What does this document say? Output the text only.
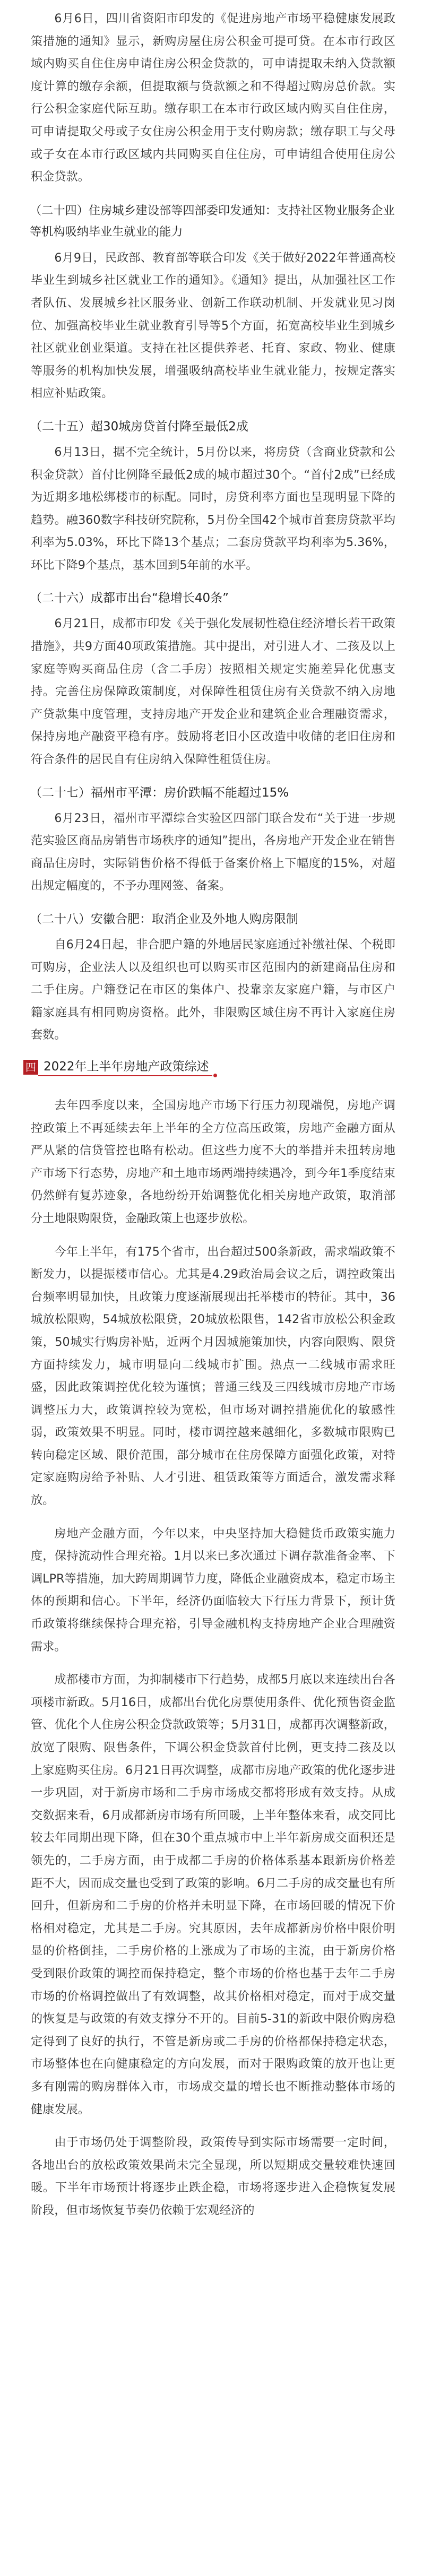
6月6日，四川省资阳市印发的《促进房地产市场平稳健康发展政策措施的通知》显示，新购房屋住房公积金可提可贷。在本市行政区域内购买自住住房申请住房公积金贷款的，可申请提取未纳入贷款额度计算的缴存余额，但提取额与贷款额之和不得超过购房总价款。实行公积金家庭代际互助。缴存职工在本市行政区域内购买自住住房，可申请提取父母或子女住房公积金用于支付购房款；缴存职工与父母或子女在本市行政区域内共同购买自住住房，可申请组合使用住房公积金贷款。

（二十四）住房城乡建设部等四部委印发通知：支持社区物业服务企业等机构吸纳毕业生就业的能力

6月9日，民政部、教育部等联合印发《关于做好2022年普通高校毕业生到城乡社区就业工作的通知》。《通知》提出，从加强社区工作者队伍、发展城乡社区服务业、创新工作联动机制、开发就业见习岗位、加强高校毕业生就业教育引导等5个方面，拓宽高校毕业生到城乡社区就业创业渠道。支持在社区提供养老、托育、家政、物业、健康等服务的机构加快发展，增强吸纳高校毕业生就业能力，按规定落实相应补贴政策。

（二十五）超30城房贷首付降至最低2成

6月13日，据不完全统计，5月份以来，将房贷（含商业贷款和公积金贷款）首付比例降至最低2成的城市超过30个。“首付2成”已经成为近期多地松绑楼市的标配。同时，房贷利率方面也呈现明显下降的趋势。融360数字科技研究院称，5月份全国42个城市首套房贷款平均利率为5.03%，环比下降13个基点；二套房贷款平均利率为5.36%，环比下降9个基点，基本回到5年前的水平。

（二十六）成都市出台“稳增长40条”

6月21日，成都市印发《关于强化发展韧性稳住经济增长若干政策措施》，共9方面40项政策措施。其中提出，对引进人才、二孩及以上家庭等购买商品住房（含二手房）按照相关规定实施差异化优惠支持。完善住房保障政策制度，对保障性租赁住房有关贷款不纳入房地产贷款集中度管理，支持房地产开发企业和建筑企业合理融资需求，保持房地产融资平稳有序。鼓励将老旧小区改造中收储的老旧住房和符合条件的居民自有住房纳入保障性租赁住房。

（二十七）福州市平潭：房价跌幅不能超过15%

6月23日，福州市平潭综合实验区四部门联合发布“关于进一步规范实验区商品房销售市场秩序的通知”提出，各房地产开发企业在销售商品住房时，实际销售价格不得低于备案价格上下幅度的15%，对超出规定幅度的，不予办理网签、备案。

（二十八）安徽合肥：取消企业及外地人购房限制

自6月24日起，非合肥户籍的外地居民家庭通过补缴社保、个税即可购房，企业法人以及组织也可以购买市区范围内的新建商品住房和二手住房。户籍登记在市区的集体户、投靠亲友家庭户籍，与市区户籍家庭具有相同购房资格。此外，非限购区域住房不再计入家庭住房套数。

四 2022年上半年房地产政策综述

去年四季度以来，全国房地产市场下行压力初现端倪，房地产调控政策上不再延续去年上半年的全方位高压政策，房地产金融方面从严从紧的信贷管控也略有松动。但这些力度不大的举措并未扭转房地产市场下行态势，房地产和土地市场两端持续遇冷，到今年1季度结束仍然鲜有复苏迹象，各地纷纷开始调整优化相关房地产政策，取消部分土地限购限贷，金融政策上也逐步放松。

今年上半年，有175个省市，出台超过500条新政，需求端政策不断发力，以提振楼市信心。尤其是4.29政治局会议之后，调控政策出台频率明显加快，且政策力度逐渐展现出托举楼市的特征。其中，36城放松限购，54城放松限贷，20城放松限售，142省市放松公积金政策，50城实行购房补贴，近两个月因城施策加快，内容向限购、限贷方面持续发力，城市明显向二线城市扩围。热点一二线城市需求旺盛，因此政策调控优化较为谨慎；普通三线及三四线城市房地产市场调整压力大，政策调控较为宽松，但市场对调控措施优化的敏感性弱，政策效果不明显。同时，楼市调控越来越细化，多数城市限购已转向稳定区域、限价范围，部分城市在住房保障方面强化政策，对特定家庭购房给予补贴、人才引进、租赁政策等方面适合，激发需求释放。

房地产金融方面，今年以来，中央坚持加大稳健货币政策实施力度，保持流动性合理充裕。1月以来已多次通过下调存款准备金率、下调LPR等措施，加大跨周期调节力度，降低企业融资成本，稳定市场主体的预期和信心。下半年，经济仍面临较大下行压力背景下，预计货币政策将继续保持合理充裕，引导金融机构支持房地产企业合理融资需求。

成都楼市方面，为抑制楼市下行趋势，成都5月底以来连续出台各项楼市新政。5月16日，成都出台优化房票使用条件、优化预售资金监管、优化个人住房公积金贷款政策等；5月31日，成都再次调整新政，放宽了限购、限售条件，下调公积金贷款首付比例，更支持二孩及以上家庭购买住房。6月21日再次调整，成都市房地产政策的优化逐步进一步巩固，对于新房市场和二手房市场成交都将形成有效支持。从成交数据来看，6月成都新房市场有所回暖，上半年整体来看，成交同比较去年同期出现下降，但在30个重点城市中上半年新房成交面积还是领先的，二手房方面，由于成都二手房的价格体系基本跟新房价格差距不大，因而成交量也受到了政策的影响。6月二手房的成交量也有所回升，但新房和二手房的价格并未明显下降，在市场回暖的情况下价格相对稳定，尤其是二手房。究其原因，去年成都新房价格中限价明显的价格倒挂，二手房价格的上涨成为了市场的主流，由于新房价格受到限价政策的调控而保持稳定，整个市场的价格也基于去年二手房市场的价格调控做出了有效调整，故其价格相对稳定，而对于成交量的恢复是与政策的有效支撑分不开的。目前5-31的新政中限价购房稳定得到了良好的执行，不管是新房或二手房的价格都保持稳定状态，市场整体也在向健康稳定的方向发展，而对于限购政策的放开也让更多有刚需的购房群体入市，市场成交量的增长也不断推动整体市场的健康发展。

由于市场仍处于调整阶段，政策传导到实际市场需要一定时间，各地出台的放松政策效果尚未完全显现，所以短期成交量较难快速回暖。下半年市场预计将逐步止跌企稳，市场将逐步进入企稳恢复发展阶段，但市场恢复节奏仍依赖于宏观经济的
